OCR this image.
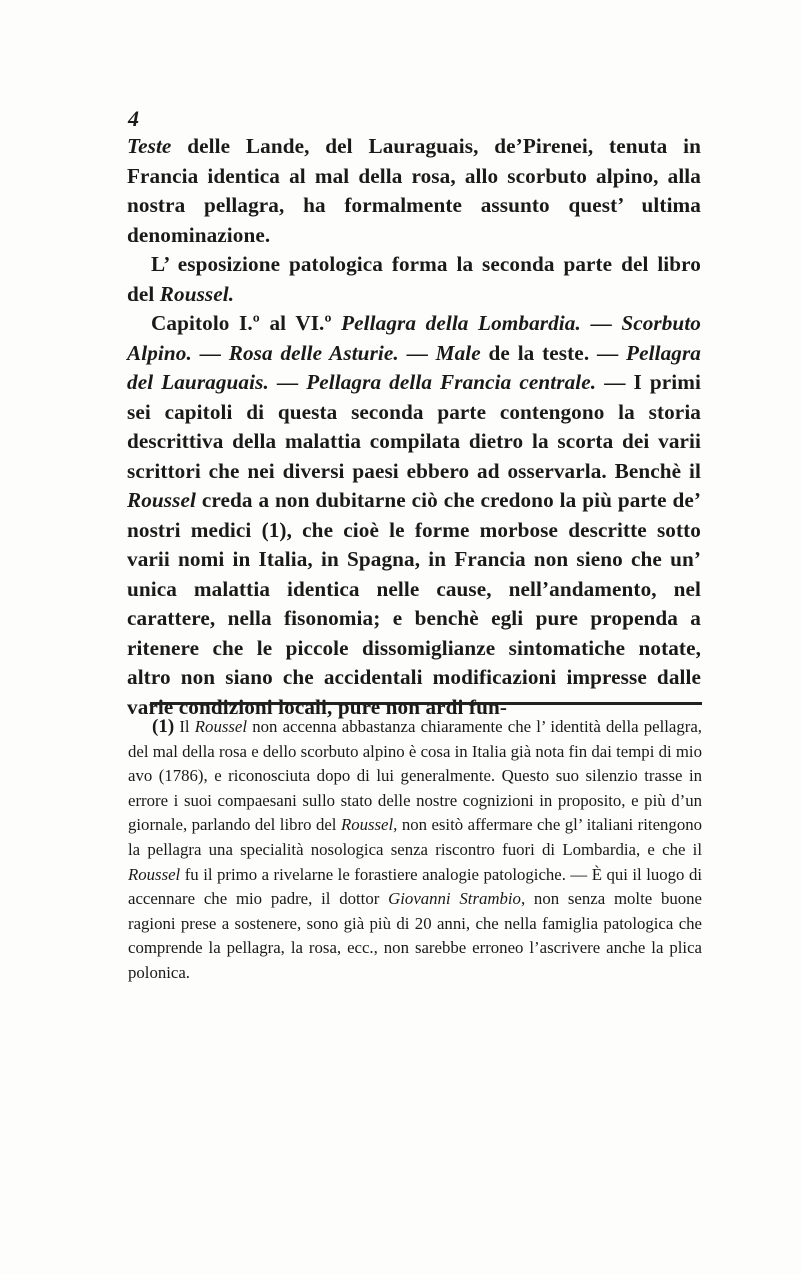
4

Teste delle Lande, del Lauraguais, de’Pirenei, tenuta in Francia identica al mal della rosa, allo scorbuto alpino, alla nostra pellagra, ha formalmente assunto quest’ ultima denominazione.

L’ esposizione patologica forma la seconda parte del libro del Roussel.

Capitolo I.º al VI.º Pellagra della Lombardia. — Scorbuto Alpino. — Rosa delle Asturie. — Male de la teste. — Pellagra del Lauraguais. — Pellagra della Francia centrale. — I primi sei capitoli di questa seconda parte contengono la storia descrittiva della malattia compilata dietro la scorta dei varii scrittori che nei diversi paesi ebbero ad osservarla. Benchè il Roussel creda a non dubitarne ciò che credono la più parte de’ nostri medici (1), che cioè le forme morbose descritte sotto varii nomi in Italia, in Spagna, in Francia non sieno che un’ unica malattia identica nelle cause, nell’andamento, nel carattere, nella fisonomia; e benchè egli pure propenda a ritenere che le piccole dissomiglianze sintomatiche notate, altro non siano che accidentali modificazioni impresse dalle varie condizioni locali, pure non ardi fun-

(1) Il Roussel non accenna abbastanza chiaramente che l’ identità della pellagra, del mal della rosa e dello scorbuto alpino è cosa in Italia già nota fin dai tempi di mio avo (1786), e riconosciuta dopo di lui generalmente. Questo suo silenzio trasse in errore i suoi compaesani sullo stato delle nostre cognizioni in proposito, e più d’un giornale, parlando del libro del Roussel, non esitò affermare che gl’ italiani ritengono la pellagra una specialità nosologica senza riscontro fuori di Lombardia, e che il Roussel fu il primo a rivelarne le forastiere analogie patologiche. — È qui il luogo di accennare che mio padre, il dottor Giovanni Strambio, non senza molte buone ragioni prese a sostenere, sono già più di 20 anni, che nella famiglia patologica che comprende la pellagra, la rosa, ecc., non sarebbe erroneo l’ascrivere anche la plica polonica.
